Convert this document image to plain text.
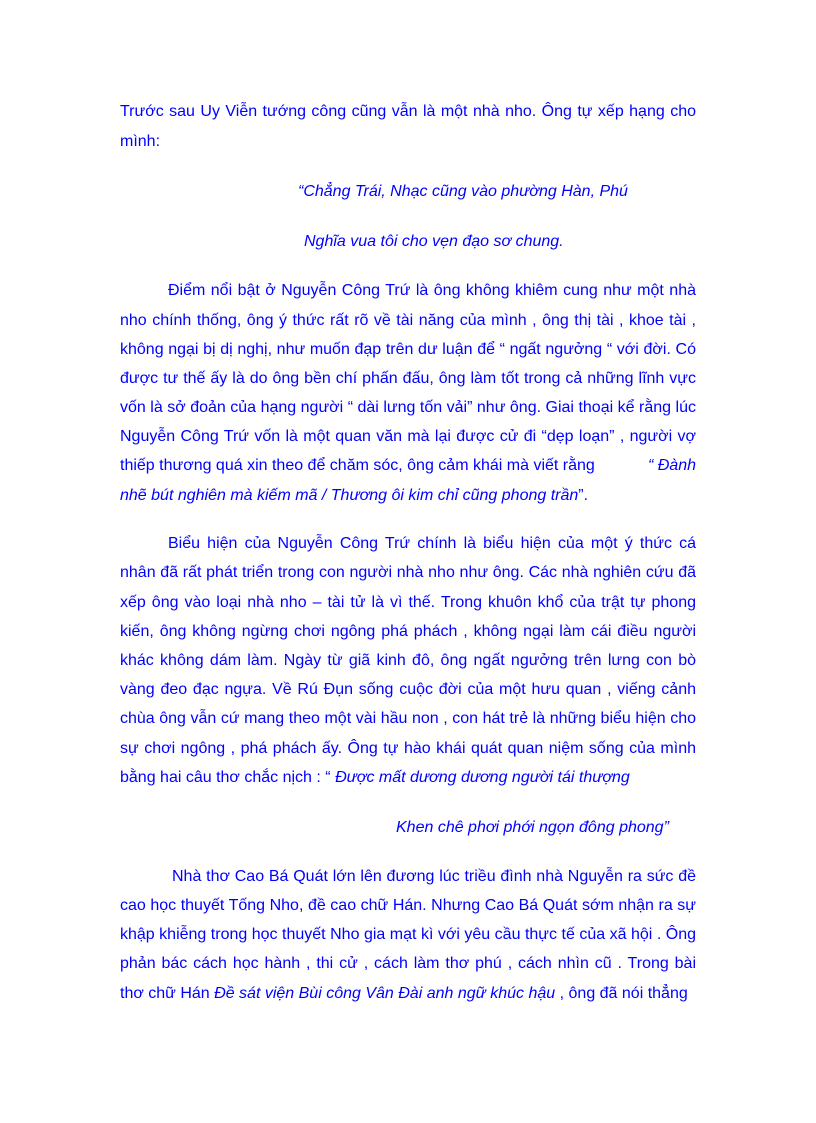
Trước sau Uy Viễn tướng công cũng vẫn là một nhà nho. Ông tự xếp hạng cho
mình:
“Chẳng Trái, Nhạc cũng vào phường Hàn, Phú
Nghĩa vua tôi cho vẹn đạo sơ chung.
Điểm nổi bật ở Nguyễn Công Trứ là ông không khiêm cung như một nhà
nho chính thống, ông ý thức rất rõ về tài năng của mình , ông thị tài , khoe tài ,
không ngại bị dị nghị, như muốn đạp trên dư luận để “ ngất ngưởng “ với đời. Có
được tư thế ấy là do ông bền chí phấn đấu, ông làm tốt trong cả những lĩnh vực
vốn là sở đoản của hạng người “ dài lưng tốn vải” như ông. Giai thoại kể rằng lúc
Nguyễn Công Trứ vốn là một quan văn mà lại được cử đi “dẹp loạn” , người vợ
thiếp thương quá xin theo để chăm sóc, ông cảm khái mà viết rằng	“ Đành
nhẽ bút nghiên mà kiếm mã / Thương ôi kim chỉ cũng phong trần”.
Biểu hiện của Nguyễn Công Trứ chính là biểu hiện của một ý thức cá
nhân đã rất phát triển trong con người nhà nho như ông. Các nhà nghiên cứu đã
xếp ông vào loại nhà nho – tài tử là vì thế. Trong khuôn khổ của trật tự phong
kiến, ông không ngừng chơi ngông phá phách , không ngại làm cái điều người
khác không dám làm. Ngày từ giã kinh đô, ông ngất ngưởng trên lưng con bò
vàng đeo đạc ngựa. Về Rú Đụn sống cuộc đời của một hưu quan , viếng cảnh
chùa ông vẫn cứ mang theo một vài hầu non , con hát trẻ là những biểu hiện cho
sự chơi ngông , phá phách ấy. Ông tự hào khái quát quan niệm sống của mình
bằng hai câu thơ chắc nịch : “ Được mất dương dương người tái thượng
Khen chê phơi phới ngọn đông phong”
Nhà thơ Cao Bá Quát lớn lên đương lúc triều đình nhà Nguyễn ra sức đề
cao học thuyết Tống Nho, đề cao chữ Hán. Nhưng Cao Bá Quát sớm nhận ra sự
khập khiễng trong học thuyết Nho gia mạt kì với yêu cầu thực tế của xã hội . Ông
phản bác cách học hành , thi cử , cách làm thơ phú , cách nhìn cũ . Trong bài
thơ chữ Hán Đề sát viện Bùi công Vân Đài anh ngữ khúc hậu , ông đã nói thẳng
